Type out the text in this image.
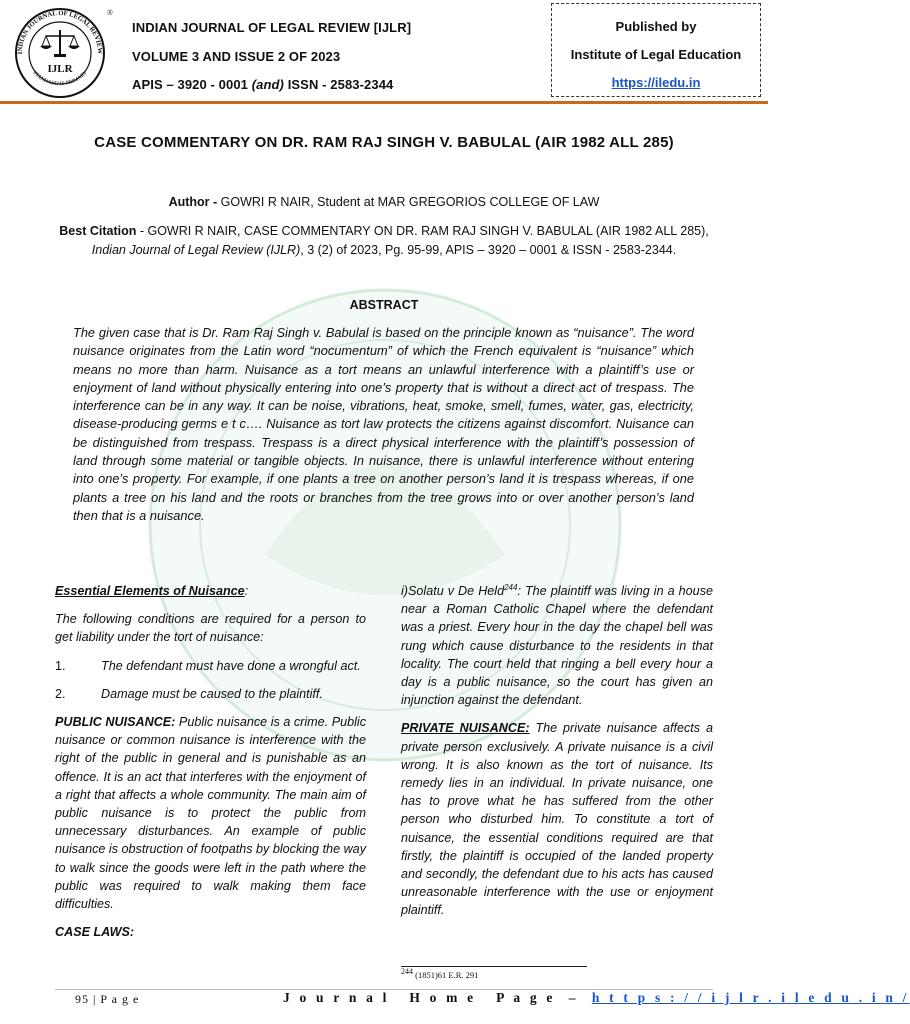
INDIAN JOURNAL OF LEGAL REVIEW
STANDARD IS PRIMARY
IJLR
®
INDIAN JOURNAL OF LEGAL REVIEW [IJLR]
VOLUME 3 AND ISSUE 2 OF 2023
APIS – 3920 - 0001 (and) ISSN - 2583-2344
Published by
Institute of Legal Education
https://iledu.in
CASE COMMENTARY ON DR. RAM RAJ SINGH V. BABULAL (AIR 1982 ALL 285)
Author - GOWRI R NAIR, Student at MAR GREGORIOS COLLEGE OF LAW
Best Citation - GOWRI R NAIR, CASE COMMENTARY ON DR. RAM RAJ SINGH V. BABULAL (AIR 1982 ALL 285),
Indian Journal of Legal Review (IJLR), 3 (2) of 2023, Pg. 95-99, APIS – 3920 – 0001 & ISSN - 2583-2344.
ABSTRACT
The given case that is Dr. Ram Raj Singh v. Babulal is based on the principle known as “nuisance”. The word nuisance originates from the Latin word “nocumentum” of which the French equivalent is “nuisance” which means no more than harm. Nuisance as a tort means an unlawful interference with a plaintiff’s use or enjoyment of land without physically entering into one’s property that is without a direct act of trespass. The interference can be in any way. It can be noise, vibrations, heat, smoke, smell, fumes, water, gas, electricity, disease-producing germs e t c…. Nuisance as tort law protects the citizens against discomfort. Nuisance can be distinguished from trespass. Trespass is a direct physical interference with the plaintiff’s possession of land through some material or tangible objects. In nuisance, there is unlawful interference without entering into one’s property. For example, if one plants a tree on another person’s land it is trespass whereas, if one plants a tree on his land and the roots or branches from the tree grows into or over another person’s land then that is a nuisance.

Essential Elements of Nuisance:

The following conditions are required for a person to get liability under the tort of nuisance:

1.	The defendant must have done a wrongful act.

2.	Damage must be caused to the plaintiff.

PUBLIC NUISANCE: Public nuisance is a crime. Public nuisance or common nuisance is interference with the right of the public in general and is punishable as an offence. It is an act that interferes with the enjoyment of a right that affects a whole community. The main aim of public nuisance is to protect the public from unnecessary disturbances. An example of public nuisance is obstruction of footpaths by blocking the way to walk since the goods were left in the path where the public was required to walk making them face difficulties.

CASE LAWS:

i)Solatu v De Held$^{244}$: The plaintiff was living in a house near a Roman Catholic Chapel where the defendant was a priest. Every hour in the day the chapel bell was rung which cause disturbance to the residents in that locality. The court held that ringing a bell every hour a day is a public nuisance, so the court has given an injunction against the defendant.

PRIVATE NUISANCE: The private nuisance affects a private person exclusively. A private nuisance is a civil wrong. It is also known as the tort of nuisance. Its remedy lies in an individual. In private nuisance, one has to prove what he has suffered from the other person who disturbed him. To constitute a tort of nuisance, the essential conditions required are that firstly, the plaintiff is occupied of the landed property and secondly, the defendant due to his acts has caused unreasonable interference with the use or enjoyment plaintiff.

244 (1851)61 E.R. 291
95 | P a g e	J o u r n a l   H o m e   P a g e  –  h t t p s : / / i j l r . i l e d u . i n /
